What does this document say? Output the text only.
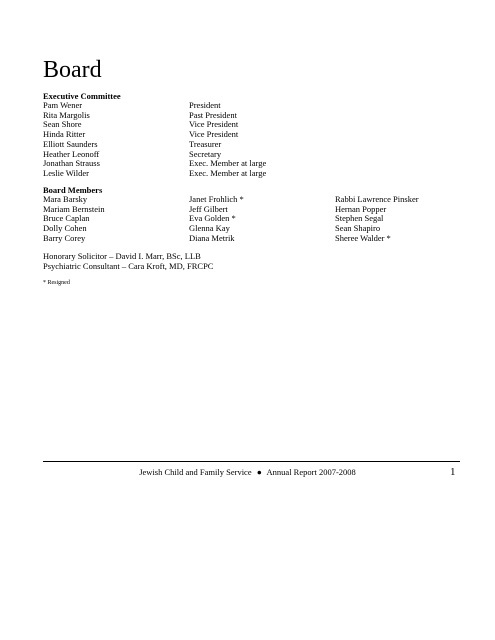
Board
Executive Committee
Pam Wener	President
Rita Margolis	Past President
Sean Shore	Vice President
Hinda Ritter	Vice President
Elliott Saunders	Treasurer
Heather Leonoff	Secretary
Jonathan Strauss	Exec. Member at large
Leslie Wilder	Exec. Member at large
Board Members
Mara Barsky	Janet Frohlich *	Rabbi Lawrence Pinsker
Mariam Bernstein	Jeff Gilbert	Hernan Popper
Bruce Caplan	Eva Golden *	Stephen Segal
Dolly Cohen	Glenna Kay	Sean Shapiro
Barry Corey	Diana Metrik	Sheree Walder *
Honorary Solicitor – David I. Marr, BSc, LLB
Psychiatric Consultant – Cara Kroft, MD, FRCPC
* Resigned
Jewish Child and Family Service ● Annual Report 2007-2008	1
